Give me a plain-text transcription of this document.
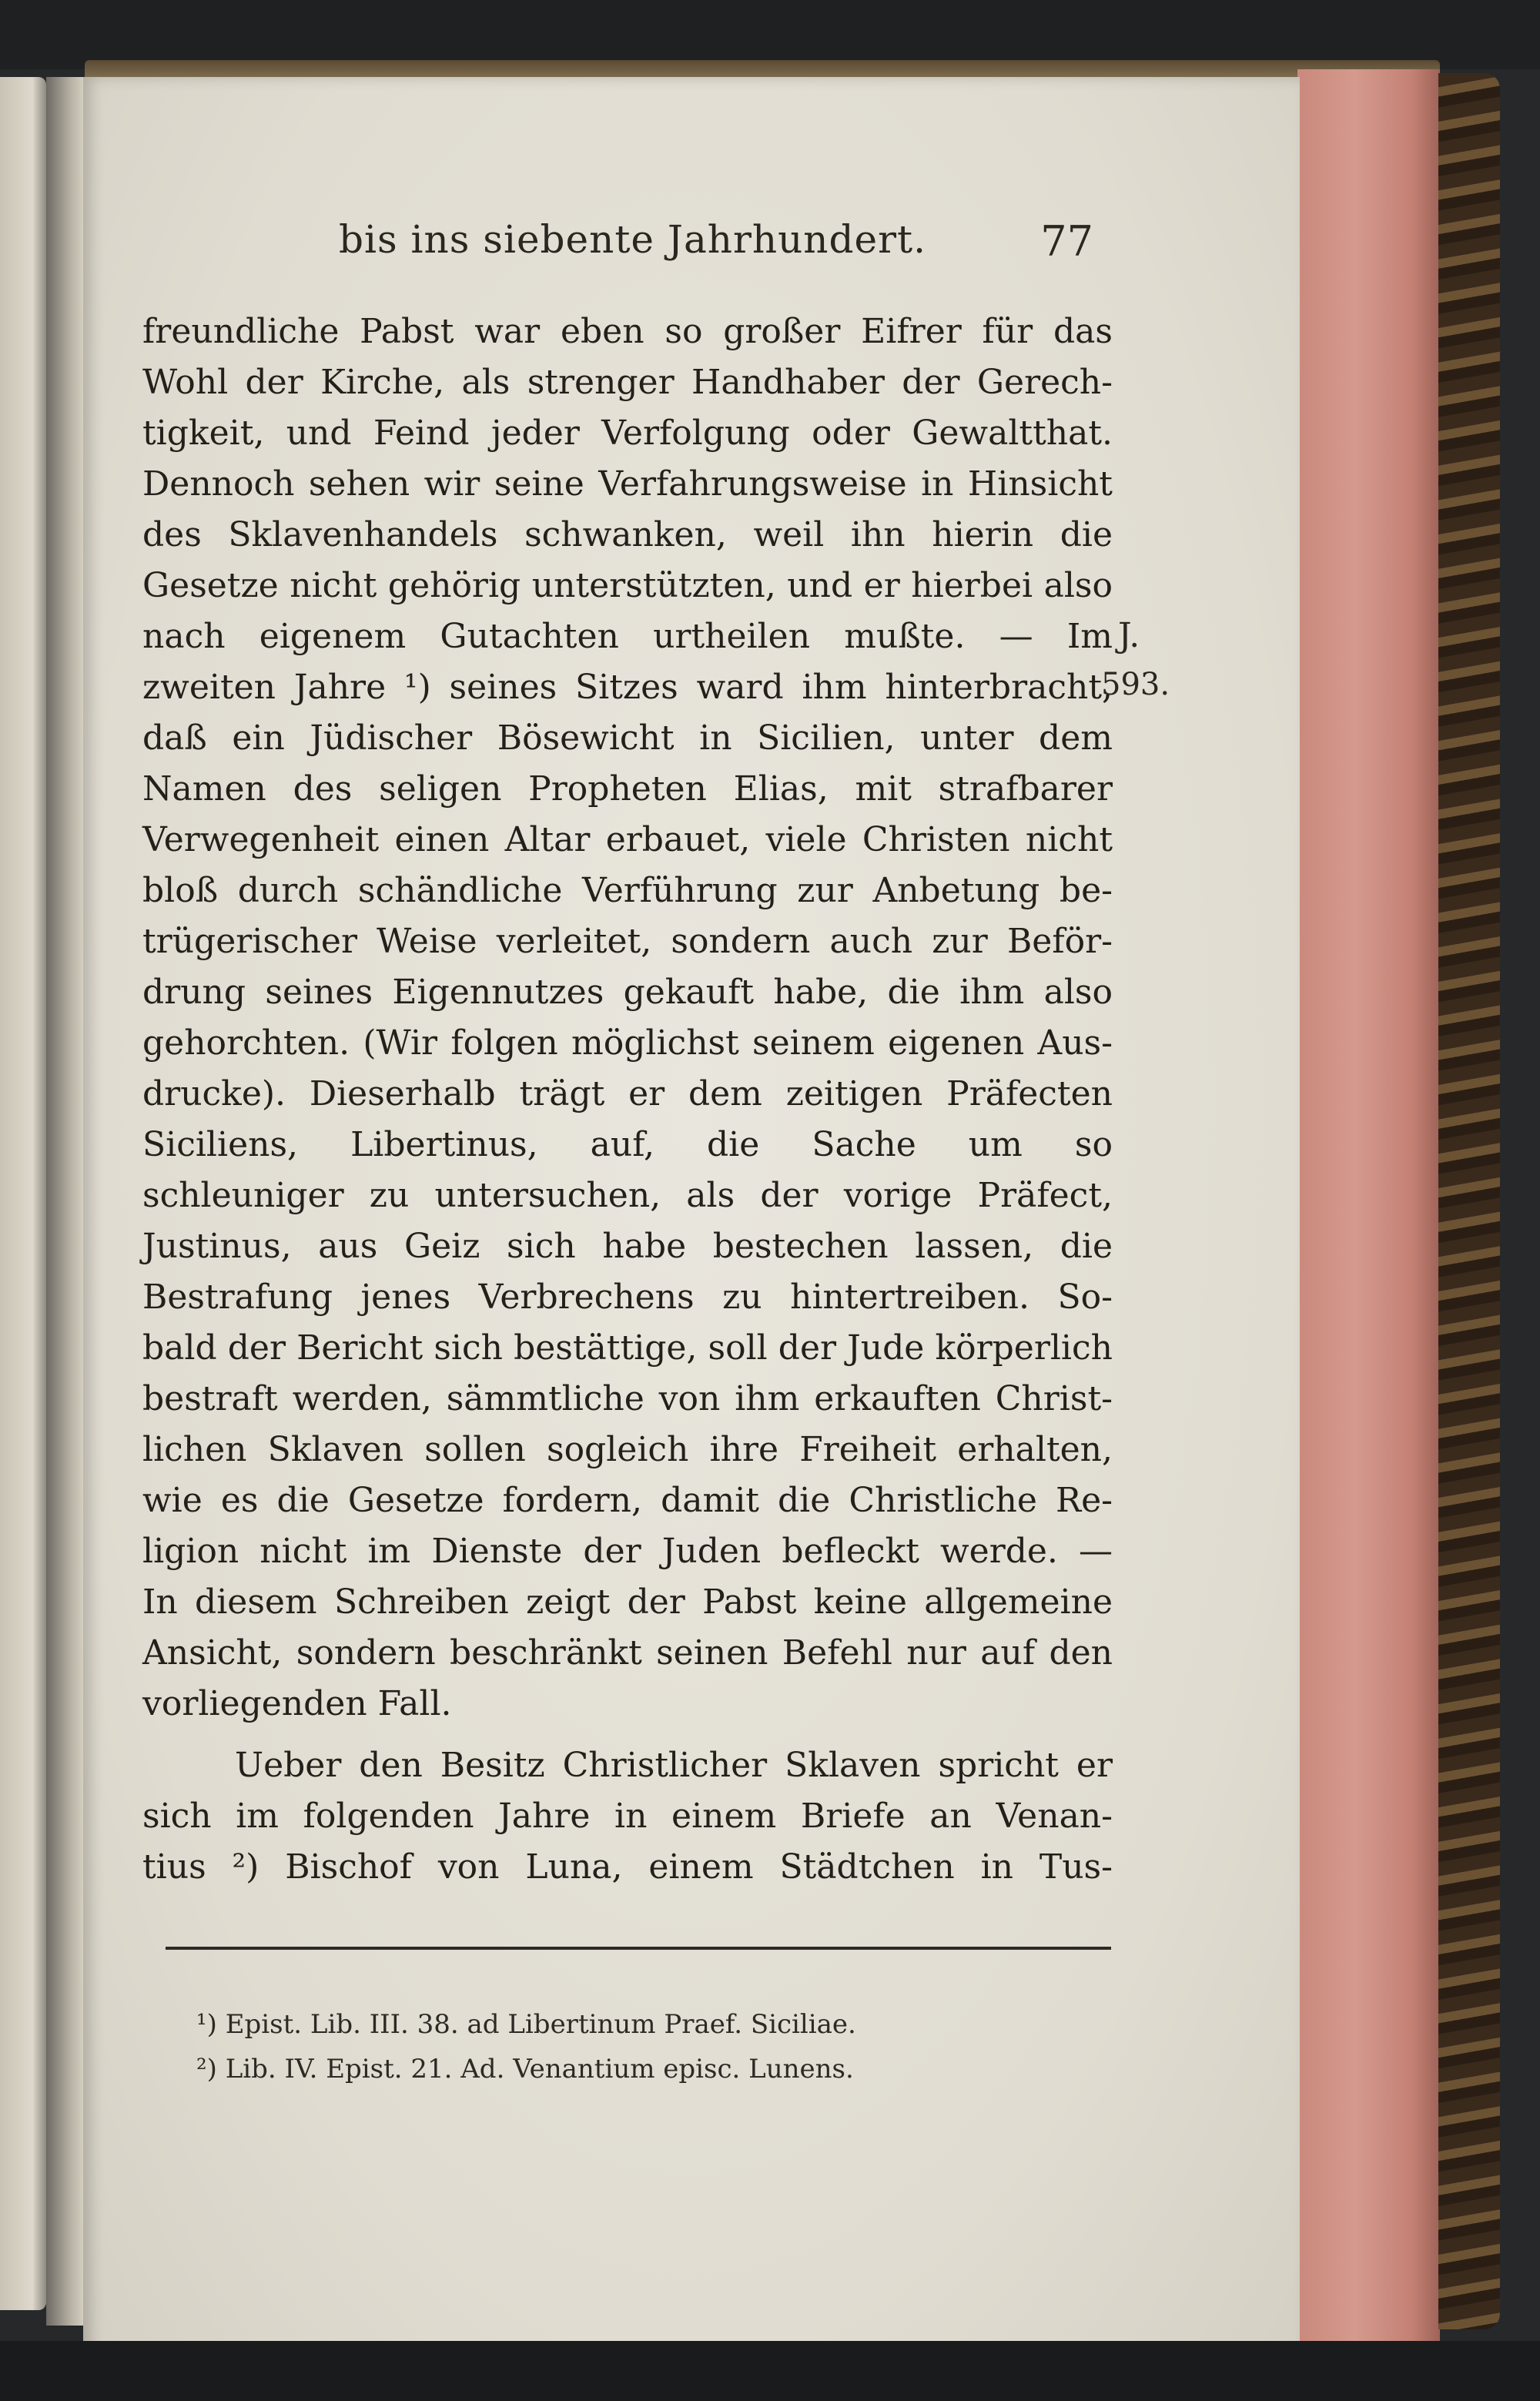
bis ins siebente Jahrhundert.	77
J.
593.
freundliche Pabst war eben so großer Eifrer für das
Wohl der Kirche, als strenger Handhaber der Gerech-
tigkeit, und Feind jeder Verfolgung oder Gewaltthat.
Dennoch sehen wir seine Verfahrungsweise in Hinsicht
des Sklavenhandels schwanken, weil ihn hierin die
Gesetze nicht gehörig unterstützten, und er hierbei also
nach eigenem Gutachten urtheilen mußte. — Im
zweiten Jahre ¹) seines Sitzes ward ihm hinterbracht,
daß ein Jüdischer Bösewicht in Sicilien, unter dem
Namen des seligen Propheten Elias, mit strafbarer
Verwegenheit einen Altar erbauet, viele Christen nicht
bloß durch schändliche Verführung zur Anbetung be-
trügerischer Weise verleitet, sondern auch zur Beför-
drung seines Eigennutzes gekauft habe, die ihm also
gehorchten. (Wir folgen möglichst seinem eigenen Aus-
drucke). Dieserhalb trägt er dem zeitigen Präfecten
Siciliens, Libertinus, auf, die Sache um so
schleuniger zu untersuchen, als der vorige Präfect,
Justinus, aus Geiz sich habe bestechen lassen, die
Bestrafung jenes Verbrechens zu hintertreiben. So-
bald der Bericht sich bestättige, soll der Jude körperlich
bestraft werden, sämmtliche von ihm erkauften Christ-
lichen Sklaven sollen sogleich ihre Freiheit erhalten,
wie es die Gesetze fordern, damit die Christliche Re-
ligion nicht im Dienste der Juden befleckt werde. —
In diesem Schreiben zeigt der Pabst keine allgemeine
Ansicht, sondern beschränkt seinen Befehl nur auf den
vorliegenden Fall.
Ueber den Besitz Christlicher Sklaven spricht er
sich im folgenden Jahre in einem Briefe an Venan-
tius ²) Bischof von Luna, einem Städtchen in Tus-
¹) Epist. Lib. III. 38. ad Libertinum Praef. Siciliae.
²) Lib. IV. Epist. 21. Ad. Venantium episc. Lunens.
